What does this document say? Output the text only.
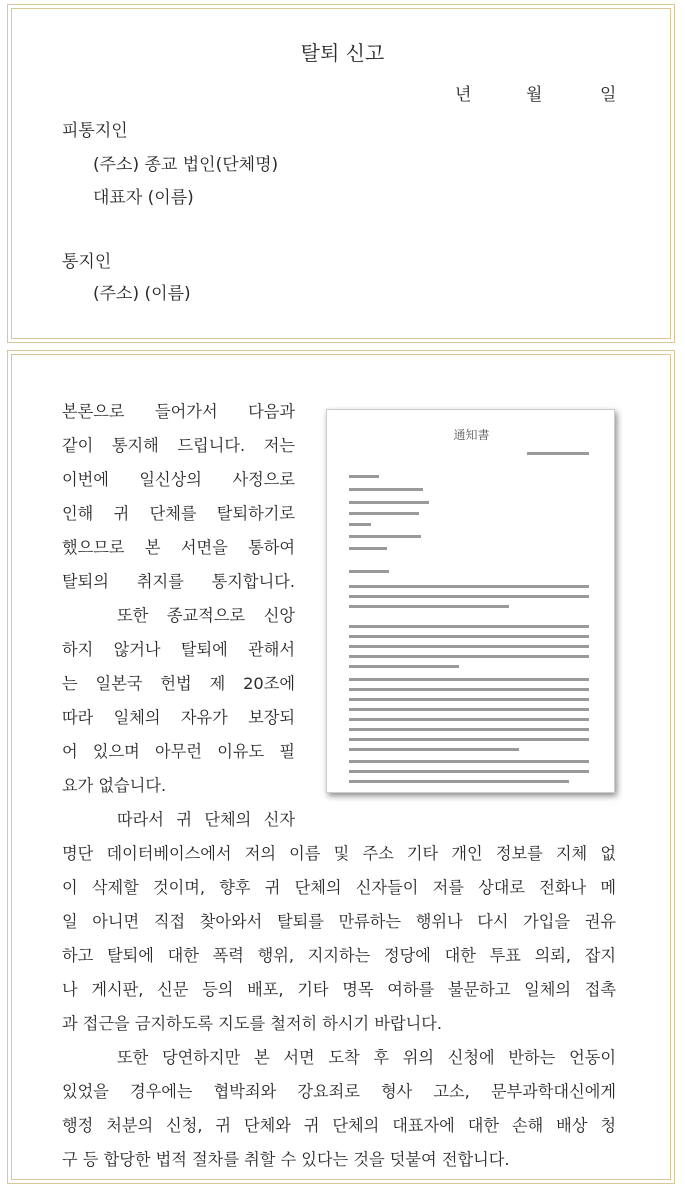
탈퇴 신고
년	월	일
피통지인
(주소) 종교 법인(단체명)
대표자 (이름)
통지인
(주소) (이름)
본론으로 들어가서 다음과
같이 통지해 드립니다. 저는
이번에 일신상의 사정으로
인해 귀 단체를 탈퇴하기로
했으므로 본 서면을 통하여
탈퇴의 취지를 통지합니다.
또한 종교적으로 신앙
하지 않거나 탈퇴에 관해서
는 일본국 헌법 제 20조에
따라 일체의 자유가 보장되
어 있으며 아무런 이유도 필
요가 없습니다.
따라서 귀 단체의 신자
명단 데이터베이스에서 저의 이름 및 주소 기타 개인 정보를 지체 없
이 삭제할 것이며, 향후 귀 단체의 신자들이 저를 상대로 전화나 메
일 아니면 직접 찾아와서 탈퇴를 만류하는 행위나 다시 가입을 권유
하고 탈퇴에 대한 폭력 행위, 지지하는 정당에 대한 투표 의뢰, 잡지
나 게시판, 신문 등의 배포, 기타 명목 여하를 불문하고 일체의 접촉
과 접근을 금지하도록 지도를 철저히 하시기 바랍니다.
또한 당연하지만 본 서면 도착 후 위의 신청에 반하는 언동이
있었을 경우에는 협박죄와 강요죄로 형사 고소, 문부과학대신에게
행정 처분의 신청, 귀 단체와 귀 단체의 대표자에 대한 손해 배상 청
구 등 합당한 법적 절차를 취할 수 있다는 것을 덧붙여 전합니다.
通知書
